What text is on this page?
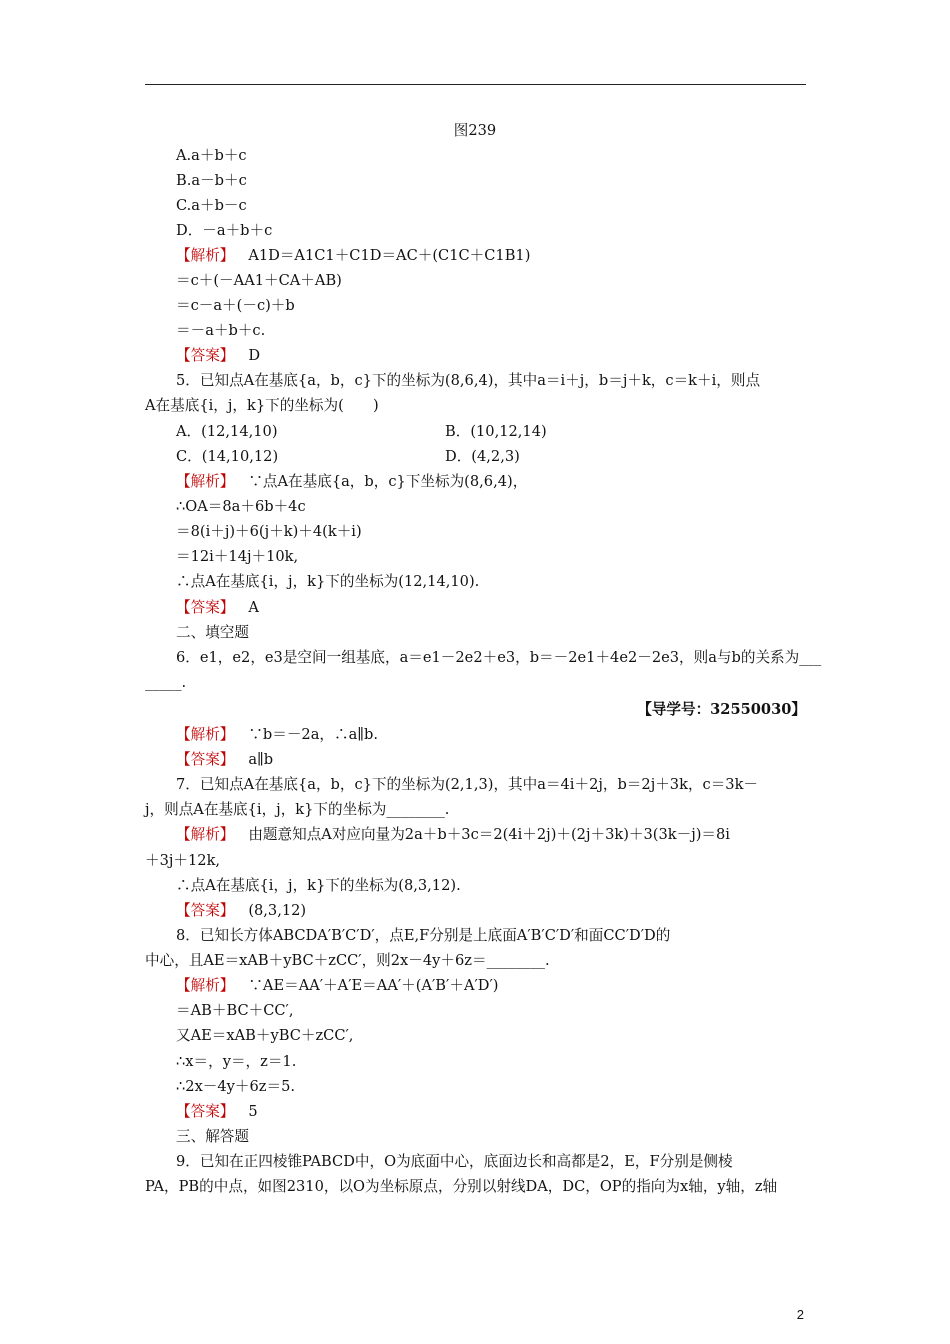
图239
A.a＋b＋c
B.a－b＋c
C.a＋b－c
D．－a＋b＋c
【解析】 A1D＝A1C1＋C1D＝AC＋(C1C＋C1B1)
＝c＋(－AA1＋CA＋AB)
＝c－a＋(－c)＋b
＝－a＋b＋c.
【答案】 D
5．已知点A在基底{a，b，c}下的坐标为(8,6,4)，其中a＝i＋j，b＝j＋k，c＝k＋i，则点
A在基底{i，j，k}下的坐标为(　　)
A．(12,14,10)	B．(10,12,14)
C．(14,10,12)	D．(4,2,3)
【解析】 ∵点A在基底{a，b，c}下坐标为(8,6,4)，
∴OA＝8a＋6b＋4c
＝8(i＋j)＋6(j＋k)＋4(k＋i)
＝12i＋14j＋10k,
∴点A在基底{i，j，k}下的坐标为(12,14,10).
【答案】 A
二、填空题
6．e1，e2，e3是空间一组基底，a＝e1－2e2＋e3，b＝－2e1＋4e2－2e3，则a与b的关系为___
_____.
【导学号：32550030】
【解析】 ∵b＝－2a，∴a∥b.
【答案】 a∥b
7．已知点A在基底{a，b，c}下的坐标为(2,1,3)，其中a＝4i＋2j，b＝2j＋3k，c＝3k－
j，则点A在基底{i，j，k}下的坐标为________.
【解析】 由题意知点A对应向量为2a＋b＋3c＝2(4i＋2j)＋(2j＋3k)＋3(3k－j)＝8i
＋3j＋12k,
∴点A在基底{i，j，k}下的坐标为(8,3,12).
【答案】 (8,3,12)
8．已知长方体ABCDA′B′C′D′，点E,F分别是上底面A′B′C′D′和面CC′D′D的
中心，且AE＝xAB＋yBC＋zCC′，则2x－4y＋6z＝________.
【解析】 ∵AE＝AA′＋A′E＝AA′＋(A′B′＋A′D′)
＝AB＋BC＋CC′,
又AE＝xAB＋yBC＋zCC′,
∴x＝，y＝，z＝1.
∴2x－4y＋6z＝5.
【答案】 5
三、解答题
9．已知在正四棱锥PABCD中，O为底面中心，底面边长和高都是2，E，F分别是侧棱
PA，PB的中点，如图2310，以O为坐标原点，分别以射线DA，DC，OP的指向为x轴，y轴，z轴
2
